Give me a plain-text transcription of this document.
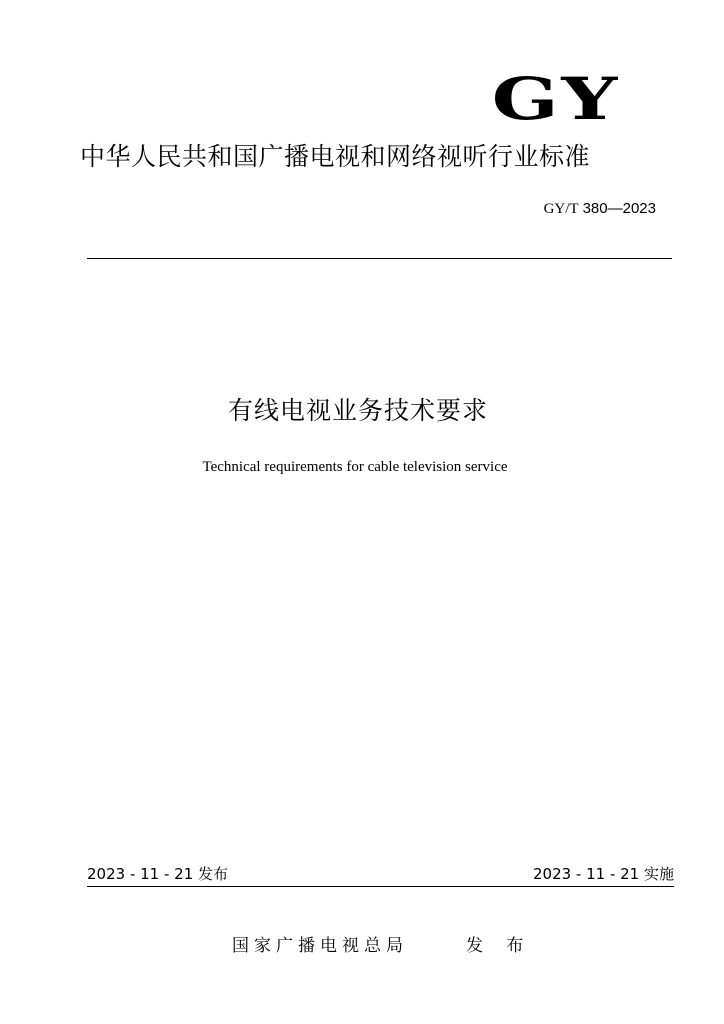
GY
中华人民共和国广播电视和网络视听行业标准
GY/T 380—2023
有线电视业务技术要求
Technical requirements for cable television service
2023 - 11 - 21 发布	2023 - 11 - 21 实施
国家广播电视总局	发 布
